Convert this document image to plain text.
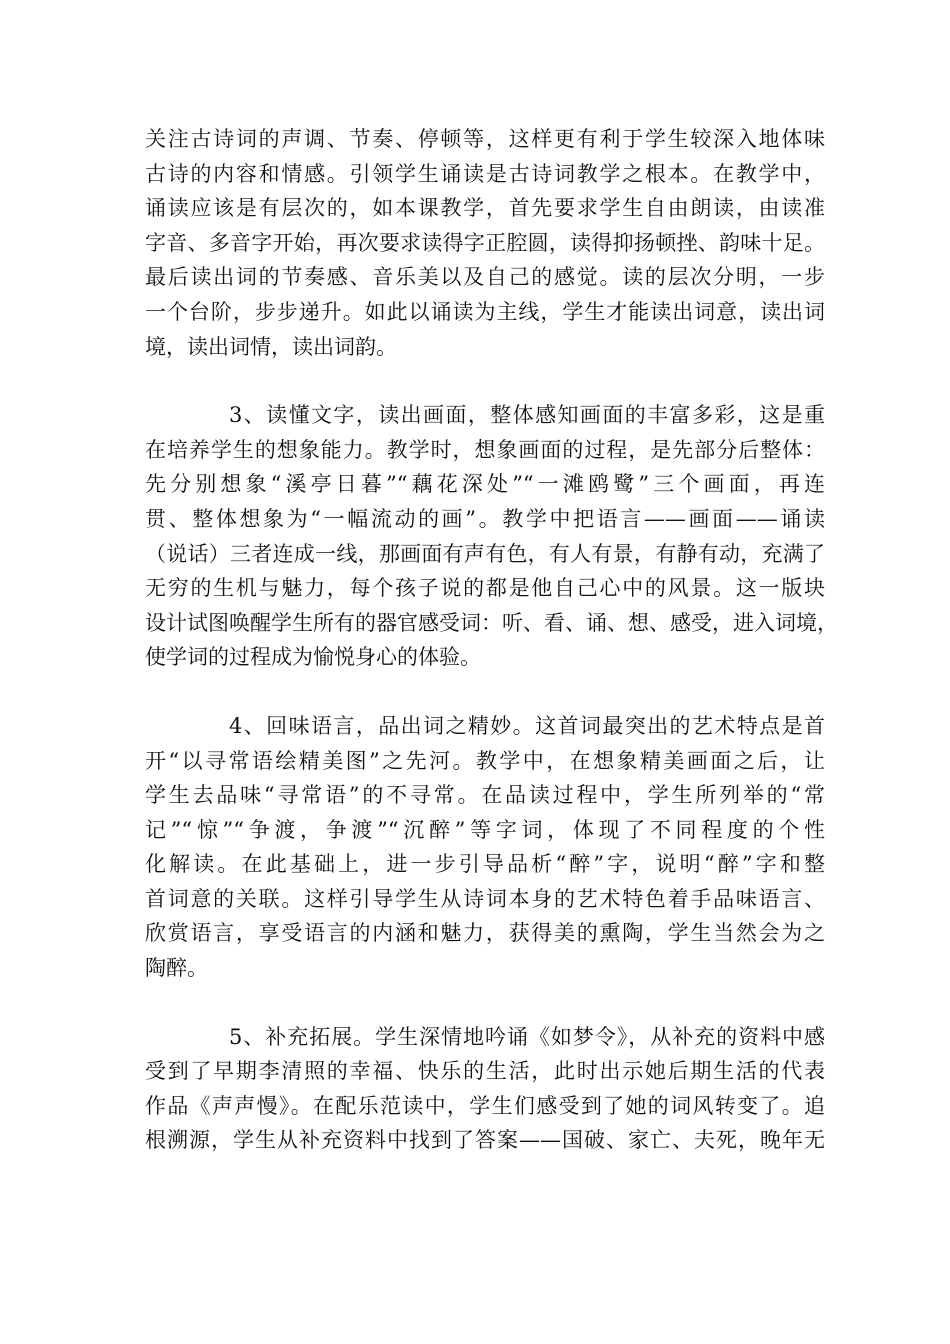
关注古诗词的声调、节奏、停顿等，这样更有利于学生较深入地体味
古诗的内容和情感。引领学生诵读是古诗词教学之根本。在教学中，
诵读应该是有层次的，如本课教学，首先要求学生自由朗读，由读准
字音、多音字开始，再次要求读得字正腔圆，读得抑扬顿挫、韵味十足。
最后读出词的节奏感、音乐美以及自己的感觉。读的层次分明，一步
一个台阶，步步递升。如此以诵读为主线，学生才能读出词意，读出词
境，读出词情，读出词韵。
3、读懂文字，读出画面，整体感知画面的丰富多彩，这是重
在培养学生的想象能力。教学时，想象画面的过程，是先部分后整体：
先分别想象“溪亭日暮”“藕花深处”“一滩鸥鹭”三个画面，再连
贯、整体想象为“一幅流动的画”。教学中把语言——画面——诵读
（说话）三者连成一线，那画面有声有色，有人有景，有静有动，充满了
无穷的生机与魅力，每个孩子说的都是他自己心中的风景。这一版块
设计试图唤醒学生所有的器官感受词：听、看、诵、想、感受，进入词境，
使学词的过程成为愉悦身心的体验。
4、回味语言，品出词之精妙。这首词最突出的艺术特点是首
开“以寻常语绘精美图”之先河。教学中，在想象精美画面之后，让
学生去品味“寻常语”的不寻常。在品读过程中，学生所列举的“常
记”“惊”“争渡，争渡”“沉醉”等字词，体现了不同程度的个性
化解读。在此基础上，进一步引导品析“醉”字，说明“醉”字和整
首词意的关联。这样引导学生从诗词本身的艺术特色着手品味语言、
欣赏语言，享受语言的内涵和魅力，获得美的熏陶，学生当然会为之
陶醉。
5、补充拓展。学生深情地吟诵《如梦令》，从补充的资料中感
受到了早期李清照的幸福、快乐的生活，此时出示她后期生活的代表
作品《声声慢》。在配乐范读中，学生们感受到了她的词风转变了。追
根溯源，学生从补充资料中找到了答案——国破、家亡、夫死，晚年无
